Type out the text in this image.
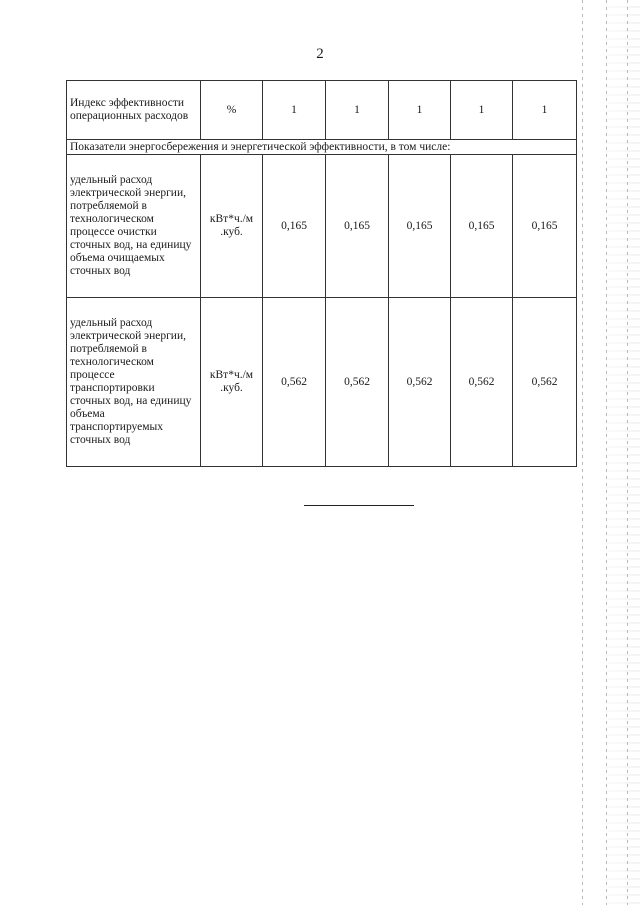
2
Индекс эффективности операционных расходов	%	1	1	1	1	1
Показатели энергосбережения и энергетической эффективности, в том числе:						
удельный расход электрической энергии, потребляемой в технологическом процессе очистки сточных вод, на единицу объема очищаемых сточных вод	кВт*ч./м .куб.	0,165	0,165	0,165	0,165	0,165
удельный расход электрической энергии, потребляемой в технологическом процессе транспортировки сточных вод, на единицу объема транспортируемых сточных вод	кВт*ч./м .куб.	0,562	0,562	0,562	0,562	0,562
